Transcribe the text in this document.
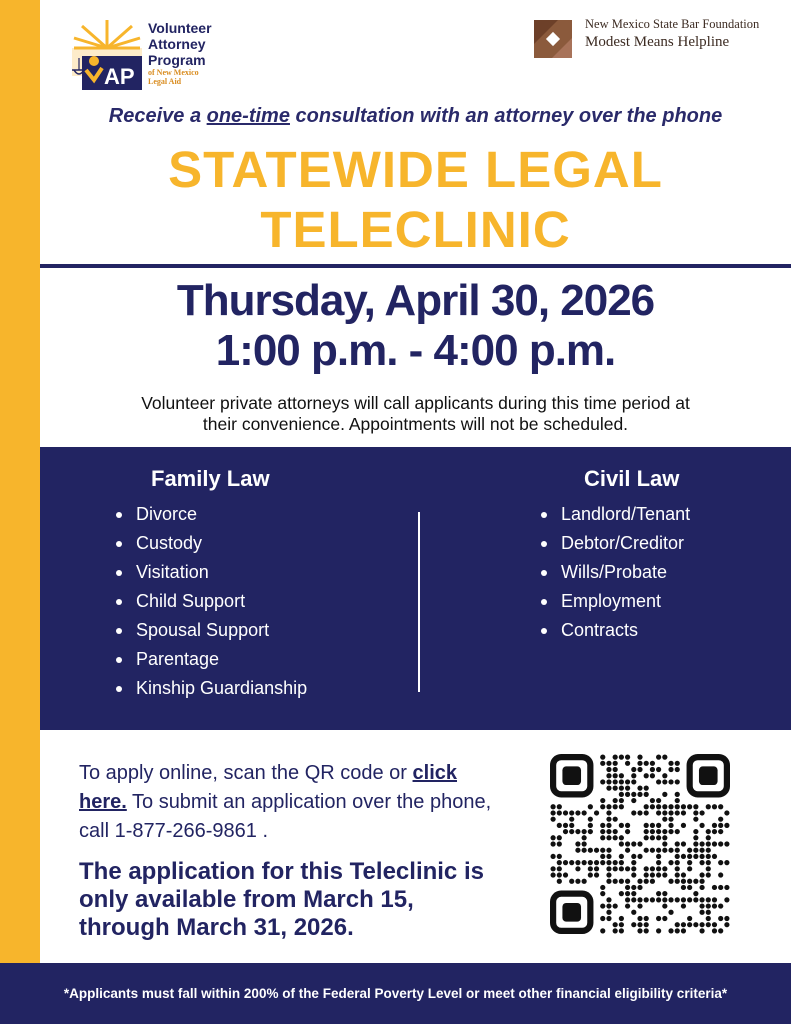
AP
Volunteer
Attorney
Program
of New Mexico
Legal Aid
New Mexico State Bar Foundation
Modest Means Helpline
Receive a one-time consultation with an attorney over the phone
STATEWIDE LEGAL
TELECLINIC
Thursday, April 30, 2026
1:00 p.m. - 4:00 p.m.
Volunteer private attorneys will call applicants during this time period at
their convenience. Appointments will not be scheduled.
Family Law
Divorce
Custody
Visitation
Child Support
Spousal Support
Parentage
Kinship Guardianship
Civil Law
Landlord/Tenant
Debtor/Creditor
Wills/Probate
Employment
Contracts
To apply online, scan the QR code or click
here. To submit an application over the phone, call 1-877-266-9861 .
The application for this Teleclinic is
only available from March 15,
through March 31, 2026.
*Applicants must fall within 200% of the Federal Poverty Level or meet other financial eligibility criteria*
